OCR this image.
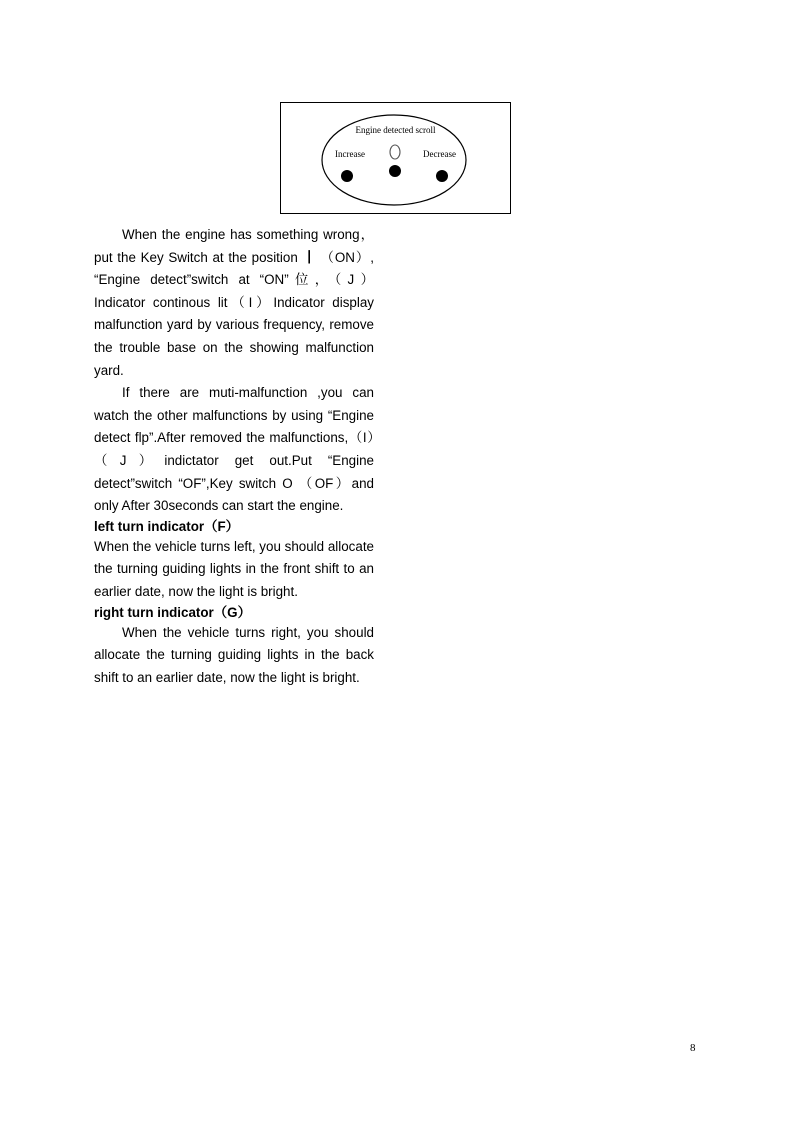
Engine detected scroll
Increase	Decrease

When the engine has something wrong，put the Key Switch at the position ┃ （ON）, “Engine detect”switch at “ON”位，（J）Indicator continous lit（I）Indicator display malfunction yard by various frequency, remove the trouble base on the showing malfunction yard.

If there are muti-malfunction ,you can watch the other malfunctions by using “Engine detect flp”.After removed the malfunctions,（I）（J）indictator get out.Put “Engine detect”switch “OF”,Key switch O （OF）and only After 30seconds can start the engine.

left turn indicator（F）

When the vehicle turns left, you should allocate the turning guiding lights in the front shift to an earlier date, now the light is bright.

right turn indicator（G）

When the vehicle turns right, you should allocate the turning guiding lights in the back shift to an earlier date, now the light is bright.

8
